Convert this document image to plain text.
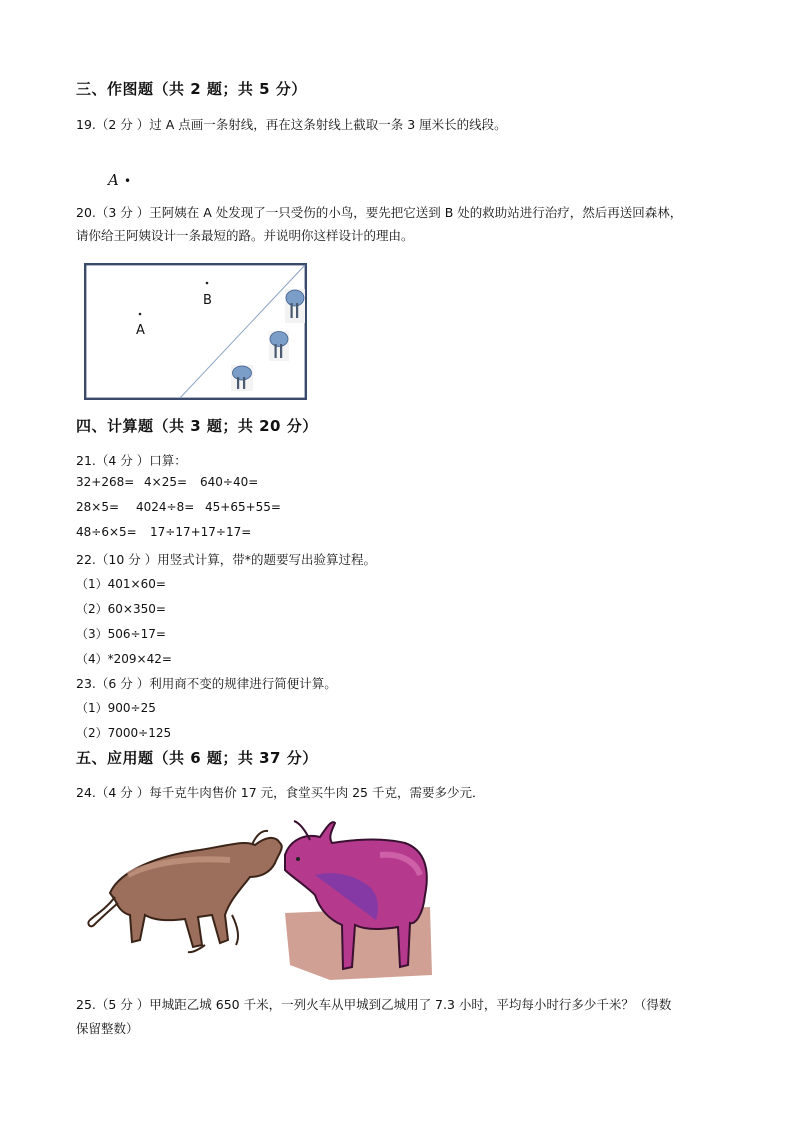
三、作图题（共 2 题；共 5 分）
19.（2 分 ）过 A 点画一条射线，再在这条射线上截取一条 3 厘米长的线段。
A •
20.（3 分 ）王阿姨在 A 处发现了一只受伤的小鸟，要先把它送到 B 处的救助站进行治疗，然后再送回森林，
请你给王阿姨设计一条最短的路。并说明你这样设计的理由。
B
A
四、计算题（共 3 题；共 20 分）
21.（4 分 ）口算：
32+268= 4×25= 640÷40=
28×5= 4024÷8= 45+65+55=
48÷6×5= 17÷17+17÷17=
22.（10 分 ）用竖式计算，带*的题要写出验算过程。
（1）401×60=
（2）60×350=
（3）506÷17=
（4）*209×42=
23.（6 分 ）利用商不变的规律进行简便计算。
（1）900÷25
（2）7000÷125
五、应用题（共 6 题；共 37 分）
24.（4 分 ）每千克牛肉售价 17 元，食堂买牛肉 25 千克，需要多少元．
25.（5 分 ）甲城距乙城 650 千米，一列火车从甲城到乙城用了 7.3 小时，平均每小时行多少千米？（得数
保留整数）
